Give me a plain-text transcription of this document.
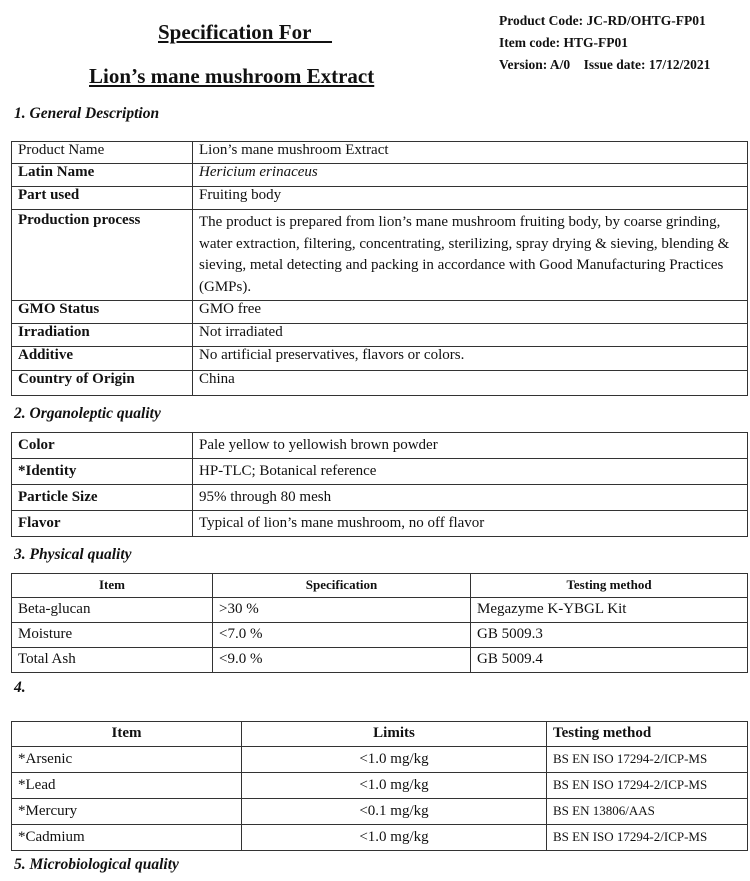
Specification For
Lion’s mane mushroom Extract
Product Code: JC-RD/OHTG-FP01
Item code: HTG-FP01
Version: A/0 Issue date: 17/12/2021
1. General Description
Product Name	Lion’s mane mushroom Extract
Latin Name	Hericium erinaceus
Part used	Fruiting body
Production process	The product is prepared from lion’s mane mushroom fruiting body, by coarse grinding, water extraction, filtering, concentrating, sterilizing, spray drying & sieving, blending & sieving, metal detecting and packing in accordance with Good Manufacturing Practices (GMPs).
GMO Status	GMO free
Irradiation	Not irradiated
Additive	No artificial preservatives, flavors or colors.
Country of Origin	China
2. Organoleptic quality
Color	Pale yellow to yellowish brown powder
*Identity	HP-TLC; Botanical reference
Particle Size	95% through 80 mesh
Flavor	Typical of lion’s mane mushroom, no off flavor
3. Physical quality
Item	Specification	Testing method
Beta-glucan	>30 %	Megazyme K-YBGL Kit
Moisture	<7.0 %	GB 5009.3
Total Ash	<9.0 %	GB 5009.4
4.
Item	Limits	Testing method
*Arsenic	<1.0 mg/kg	BS EN ISO 17294-2/ICP-MS
*Lead	<1.0 mg/kg	BS EN ISO 17294-2/ICP-MS
*Mercury	<0.1 mg/kg	BS EN 13806/AAS
*Cadmium	<1.0 mg/kg	BS EN ISO 17294-2/ICP-MS
5. Microbiological quality
